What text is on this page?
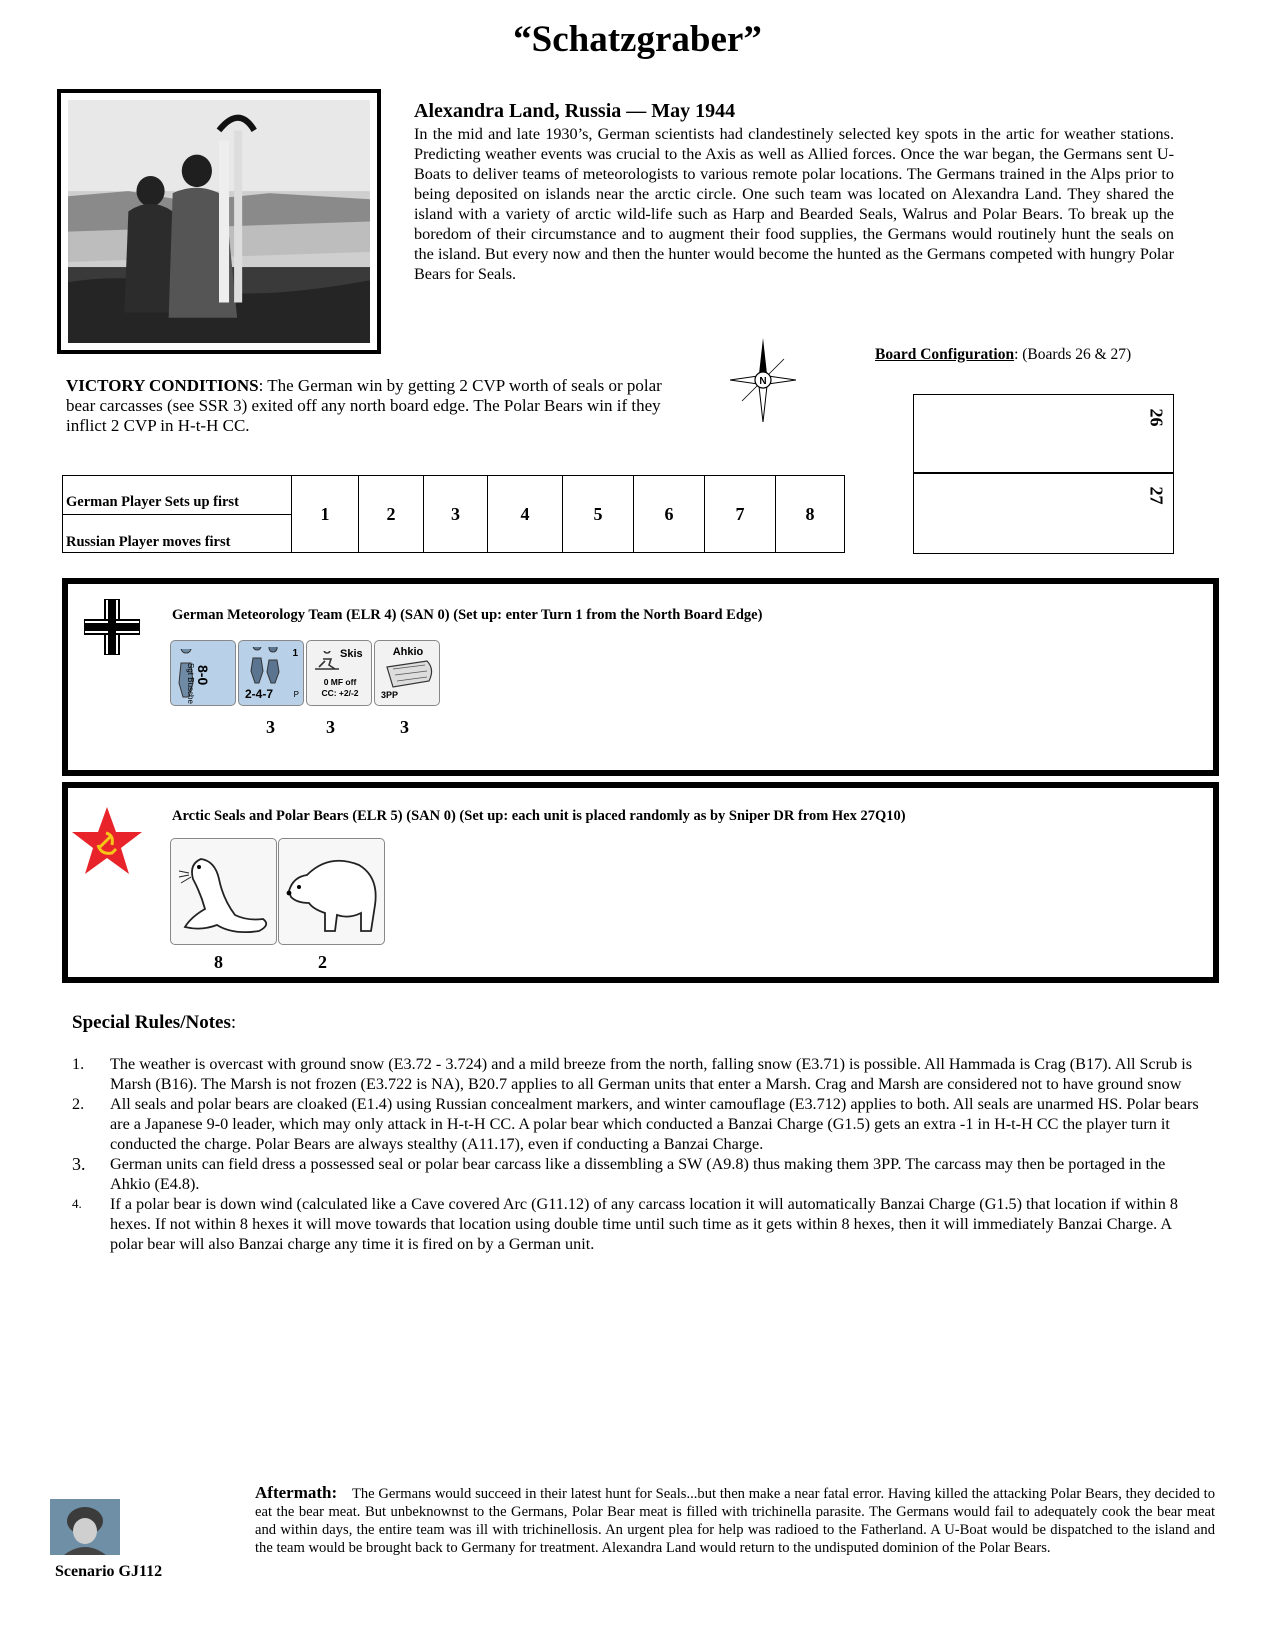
“Schatzgraber”
Alexandra Land, Russia — May 1944
In the mid and late 1930’s, German scientists had clandestinely selected key spots in the artic for weather stations. Predicting weather events was crucial to the Axis as well as Allied forces. Once the war began, the Germans sent U-Boats to deliver teams of meteorologists to various remote polar locations. The Germans trained in the Alps prior to being deposited on islands near the arctic circle. One such team was located on Alexandra Land. They shared the island with a variety of arctic wild-life such as Harp and Bearded Seals, Walrus and Polar Bears. To break up the boredom of their circumstance and to augment their food supplies, the Germans would routinely hunt the seals on the island. But every now and then the hunter would become the hunted as the Germans competed with hungry Polar Bears for Seals.
N
Board Configuration: (Boards 26 & 27)
VICTORY CONDITIONS: The German win by getting 2 CVP worth of seals or polar bear carcasses (see SSR 3) exited off any north board edge. The Polar Bears win if they inflict 2 CVP in H-t-H CC.	26
27
German Player Sets up first
Russian Player moves first
	1	2	3	4	5	6	7	8
German Meteorology Team (ELR 4) (SAN 0) (Set up: enter Turn 1 from the North Board Edge)
Sgt Busche 8-0
1
2-4-7	P
Skis
0 MF off
CC: +2/-2
Ahkio
3PP
3	3	3
Arctic Seals and Polar Bears (ELR 5) (SAN 0) (Set up: each unit is placed randomly as by Sniper DR from Hex 27Q10)
8	2
Special Rules/Notes:
1. The weather is overcast with ground snow (E3.72 - 3.724) and a mild breeze from the north, falling snow (E3.71) is possible. All Hammada is Crag (B17). All Scrub is Marsh (B16). The Marsh is not frozen (E3.722 is NA), B20.7 applies to all German units that enter a Marsh. Crag and Marsh are considered not to have ground snow
2. All seals and polar bears are cloaked (E1.4) using Russian concealment markers, and winter camouflage (E3.712) applies to both. All seals are unarmed HS. Polar bears are a Japanese 9-0 leader, which may only attack in H-t-H CC. A polar bear which conducted a Banzai Charge (G1.5) gets an extra -1 in H-t-H CC the player turn it conducted the charge. Polar Bears are always stealthy (A11.17), even if conducting a Banzai Charge.
3. German units can field dress a possessed seal or polar bear carcass like a dissembling a SW (A9.8) thus making them 3PP. The carcass may then be portaged in the Ahkio (E4.8).
4. If a polar bear is down wind (calculated like a Cave covered Arc (G11.12) of any carcass location it will automatically Banzai Charge (G1.5) that location if within 8 hexes. If not within 8 hexes it will move towards that location using double time until such time as it gets within 8 hexes, then it will immediately Banzai Charge. A polar bear will also Banzai charge any time it is fired on by a German unit.
Aftermath: The Germans would succeed in their latest hunt for Seals...but then make a near fatal error. Having killed the attacking Polar Bears, they decided to eat the bear meat. But unbeknownst to the Germans, Polar Bear meat is filled with trichinella parasite. The Germans would fail to adequately cook the bear meat and within days, the entire team was ill with trichinellosis. An urgent plea for help was radioed to the Fatherland. A U-Boat would be dispatched to the island and the team would be brought back to Germany for treatment. Alexandra Land would return to the undisputed dominion of the Polar Bears.
Scenario GJ112
